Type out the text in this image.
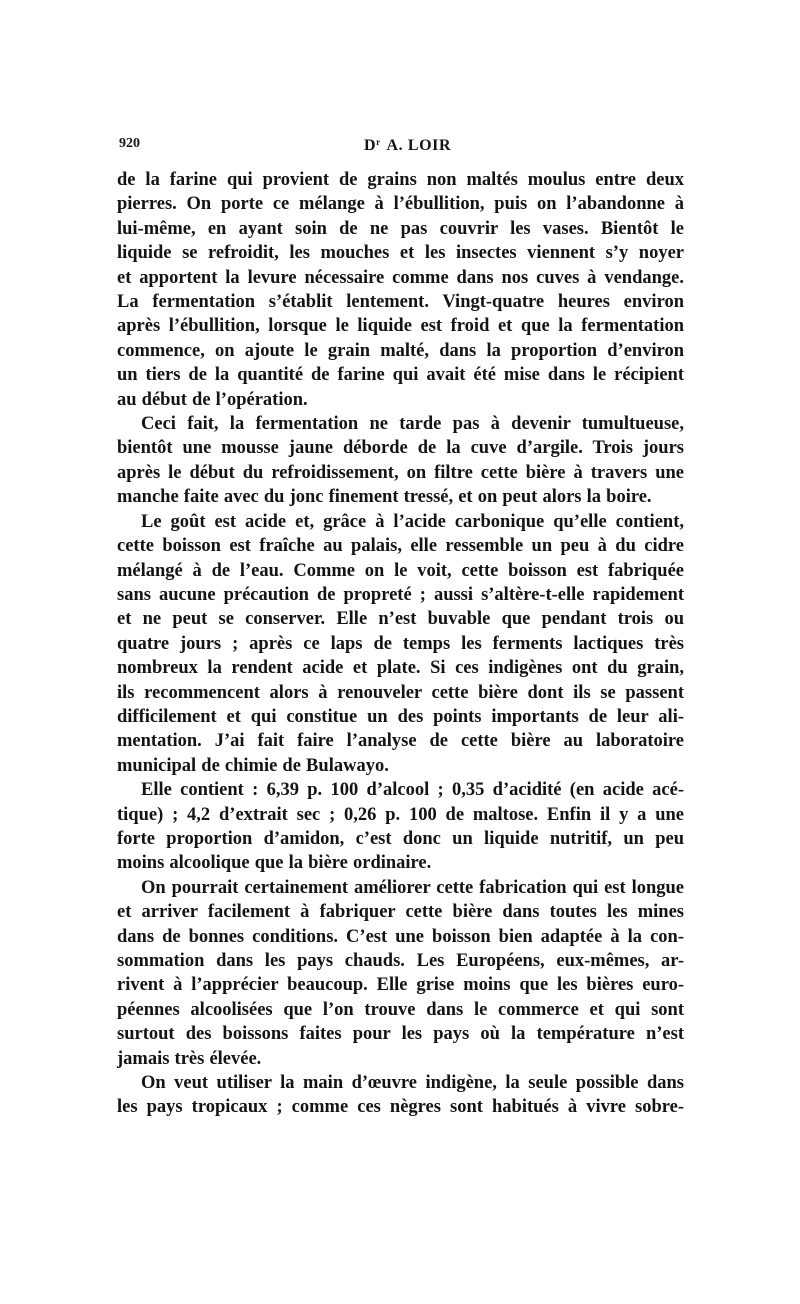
920	$D^r$ A. LOIR

de la farine qui provient de grains non maltés moulus entre deux
pierres. On porte ce mélange à l’ébullition, puis on l’abandonne à
lui-même, en ayant soin de ne pas couvrir les vases. Bientôt le
liquide se refroidit, les mouches et les insectes viennent s’y noyer
et apportent la levure nécessaire comme dans nos cuves à vendange.
La fermentation s’établit lentement. Vingt-quatre heures environ
après l’ébullition, lorsque le liquide est froid et que la fermentation
commence, on ajoute le grain malté, dans la proportion d’environ
un tiers de la quantité de farine qui avait été mise dans le récipient
au début de l’opération.

Ceci fait, la fermentation ne tarde pas à devenir tumultueuse,
bientôt une mousse jaune déborde de la cuve d’argile. Trois jours
après le début du refroidissement, on filtre cette bière à travers une
manche faite avec du jonc finement tressé, et on peut alors la boire.

Le goût est acide et, grâce à l’acide carbonique qu’elle contient,
cette boisson est fraîche au palais, elle ressemble un peu à du cidre
mélangé à de l’eau. Comme on le voit, cette boisson est fabriquée
sans aucune précaution de propreté ; aussi s’altère-t-elle rapidement
et ne peut se conserver. Elle n’est buvable que pendant trois ou
quatre jours ; après ce laps de temps les ferments lactiques très
nombreux la rendent acide et plate. Si ces indigènes ont du grain,
ils recommencent alors à renouveler cette bière dont ils se passent
difficilement et qui constitue un des points importants de leur ali-
mentation. J’ai fait faire l’analyse de cette bière au laboratoire
municipal de chimie de Bulawayo.

Elle contient : 6,39 p. 100 d’alcool ; 0,35 d’acidité (en acide acé-
tique) ; 4,2 d’extrait sec ; 0,26 p. 100 de maltose. Enfin il y a une
forte proportion d’amidon, c’est donc un liquide nutritif, un peu
moins alcoolique que la bière ordinaire.

On pourrait certainement améliorer cette fabrication qui est longue
et arriver facilement à fabriquer cette bière dans toutes les mines
dans de bonnes conditions. C’est une boisson bien adaptée à la con-
sommation dans les pays chauds. Les Européens, eux-mêmes, ar-
rivent à l’apprécier beaucoup. Elle grise moins que les bières euro-
péennes alcoolisées que l’on trouve dans le commerce et qui sont
surtout des boissons faites pour les pays où la température n’est
jamais très élevée.

On veut utiliser la main d’œuvre indigène, la seule possible dans
les pays tropicaux ; comme ces nègres sont habitués à vivre sobre-
